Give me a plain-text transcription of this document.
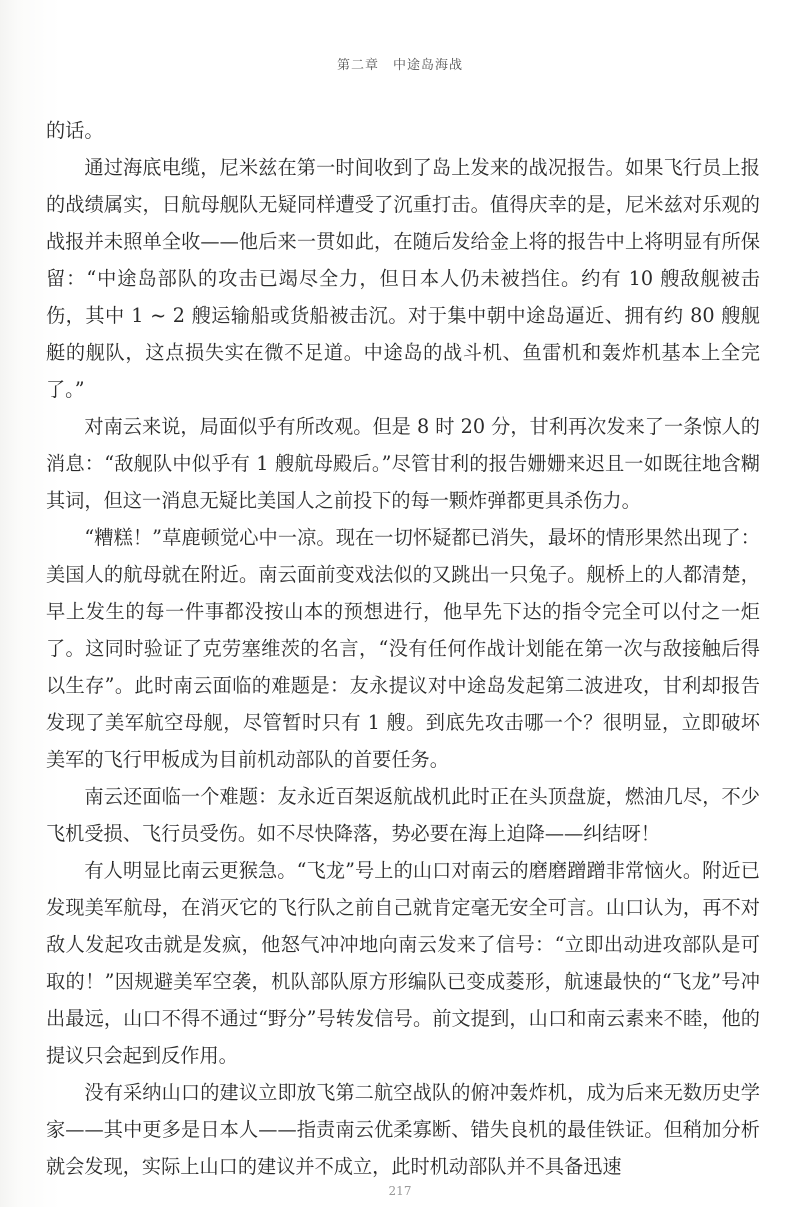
第二章　中途岛海战

的话。

通过海底电缆，尼米兹在第一时间收到了岛上发来的战况报告。如果飞行员上报的战绩属实，日航母舰队无疑同样遭受了沉重打击。值得庆幸的是，尼米兹对乐观的战报并未照单全收——他后来一贯如此，在随后发给金上将的报告中上将明显有所保留：“中途岛部队的攻击已竭尽全力，但日本人仍未被挡住。约有 10 艘敌舰被击伤，其中 1 ~ 2 艘运输船或货船被击沉。对于集中朝中途岛逼近、拥有约 80 艘舰艇的舰队，这点损失实在微不足道。中途岛的战斗机、鱼雷机和轰炸机基本上全完了。”

对南云来说，局面似乎有所改观。但是 8 时 20 分，甘利再次发来了一条惊人的消息：“敌舰队中似乎有 1 艘航母殿后。”尽管甘利的报告姗姗来迟且一如既往地含糊其词，但这一消息无疑比美国人之前投下的每一颗炸弹都更具杀伤力。

“糟糕！”草鹿顿觉心中一凉。现在一切怀疑都已消失，最坏的情形果然出现了：美国人的航母就在附近。南云面前变戏法似的又跳出一只兔子。舰桥上的人都清楚，早上发生的每一件事都没按山本的预想进行，他早先下达的指令完全可以付之一炬了。这同时验证了克劳塞维茨的名言，“没有任何作战计划能在第一次与敌接触后得以生存”。此时南云面临的难题是：友永提议对中途岛发起第二波进攻，甘利却报告发现了美军航空母舰，尽管暂时只有 1 艘。到底先攻击哪一个？很明显，立即破坏美军的飞行甲板成为目前机动部队的首要任务。

南云还面临一个难题：友永近百架返航战机此时正在头顶盘旋，燃油几尽，不少飞机受损、飞行员受伤。如不尽快降落，势必要在海上迫降——纠结呀！

有人明显比南云更猴急。“飞龙”号上的山口对南云的磨磨蹭蹭非常恼火。附近已发现美军航母，在消灭它的飞行队之前自己就肯定毫无安全可言。山口认为，再不对敌人发起攻击就是发疯，他怒气冲冲地向南云发来了信号：“立即出动进攻部队是可取的！”因规避美军空袭，机队部队原方形编队已变成菱形，航速最快的“飞龙”号冲出最远，山口不得不通过“野分”号转发信号。前文提到，山口和南云素来不睦，他的提议只会起到反作用。

没有采纳山口的建议立即放飞第二航空战队的俯冲轰炸机，成为后来无数历史学家——其中更多是日本人——指责南云优柔寡断、错失良机的最佳铁证。但稍加分析就会发现，实际上山口的建议并不成立，此时机动部队并不具备迅速

217
